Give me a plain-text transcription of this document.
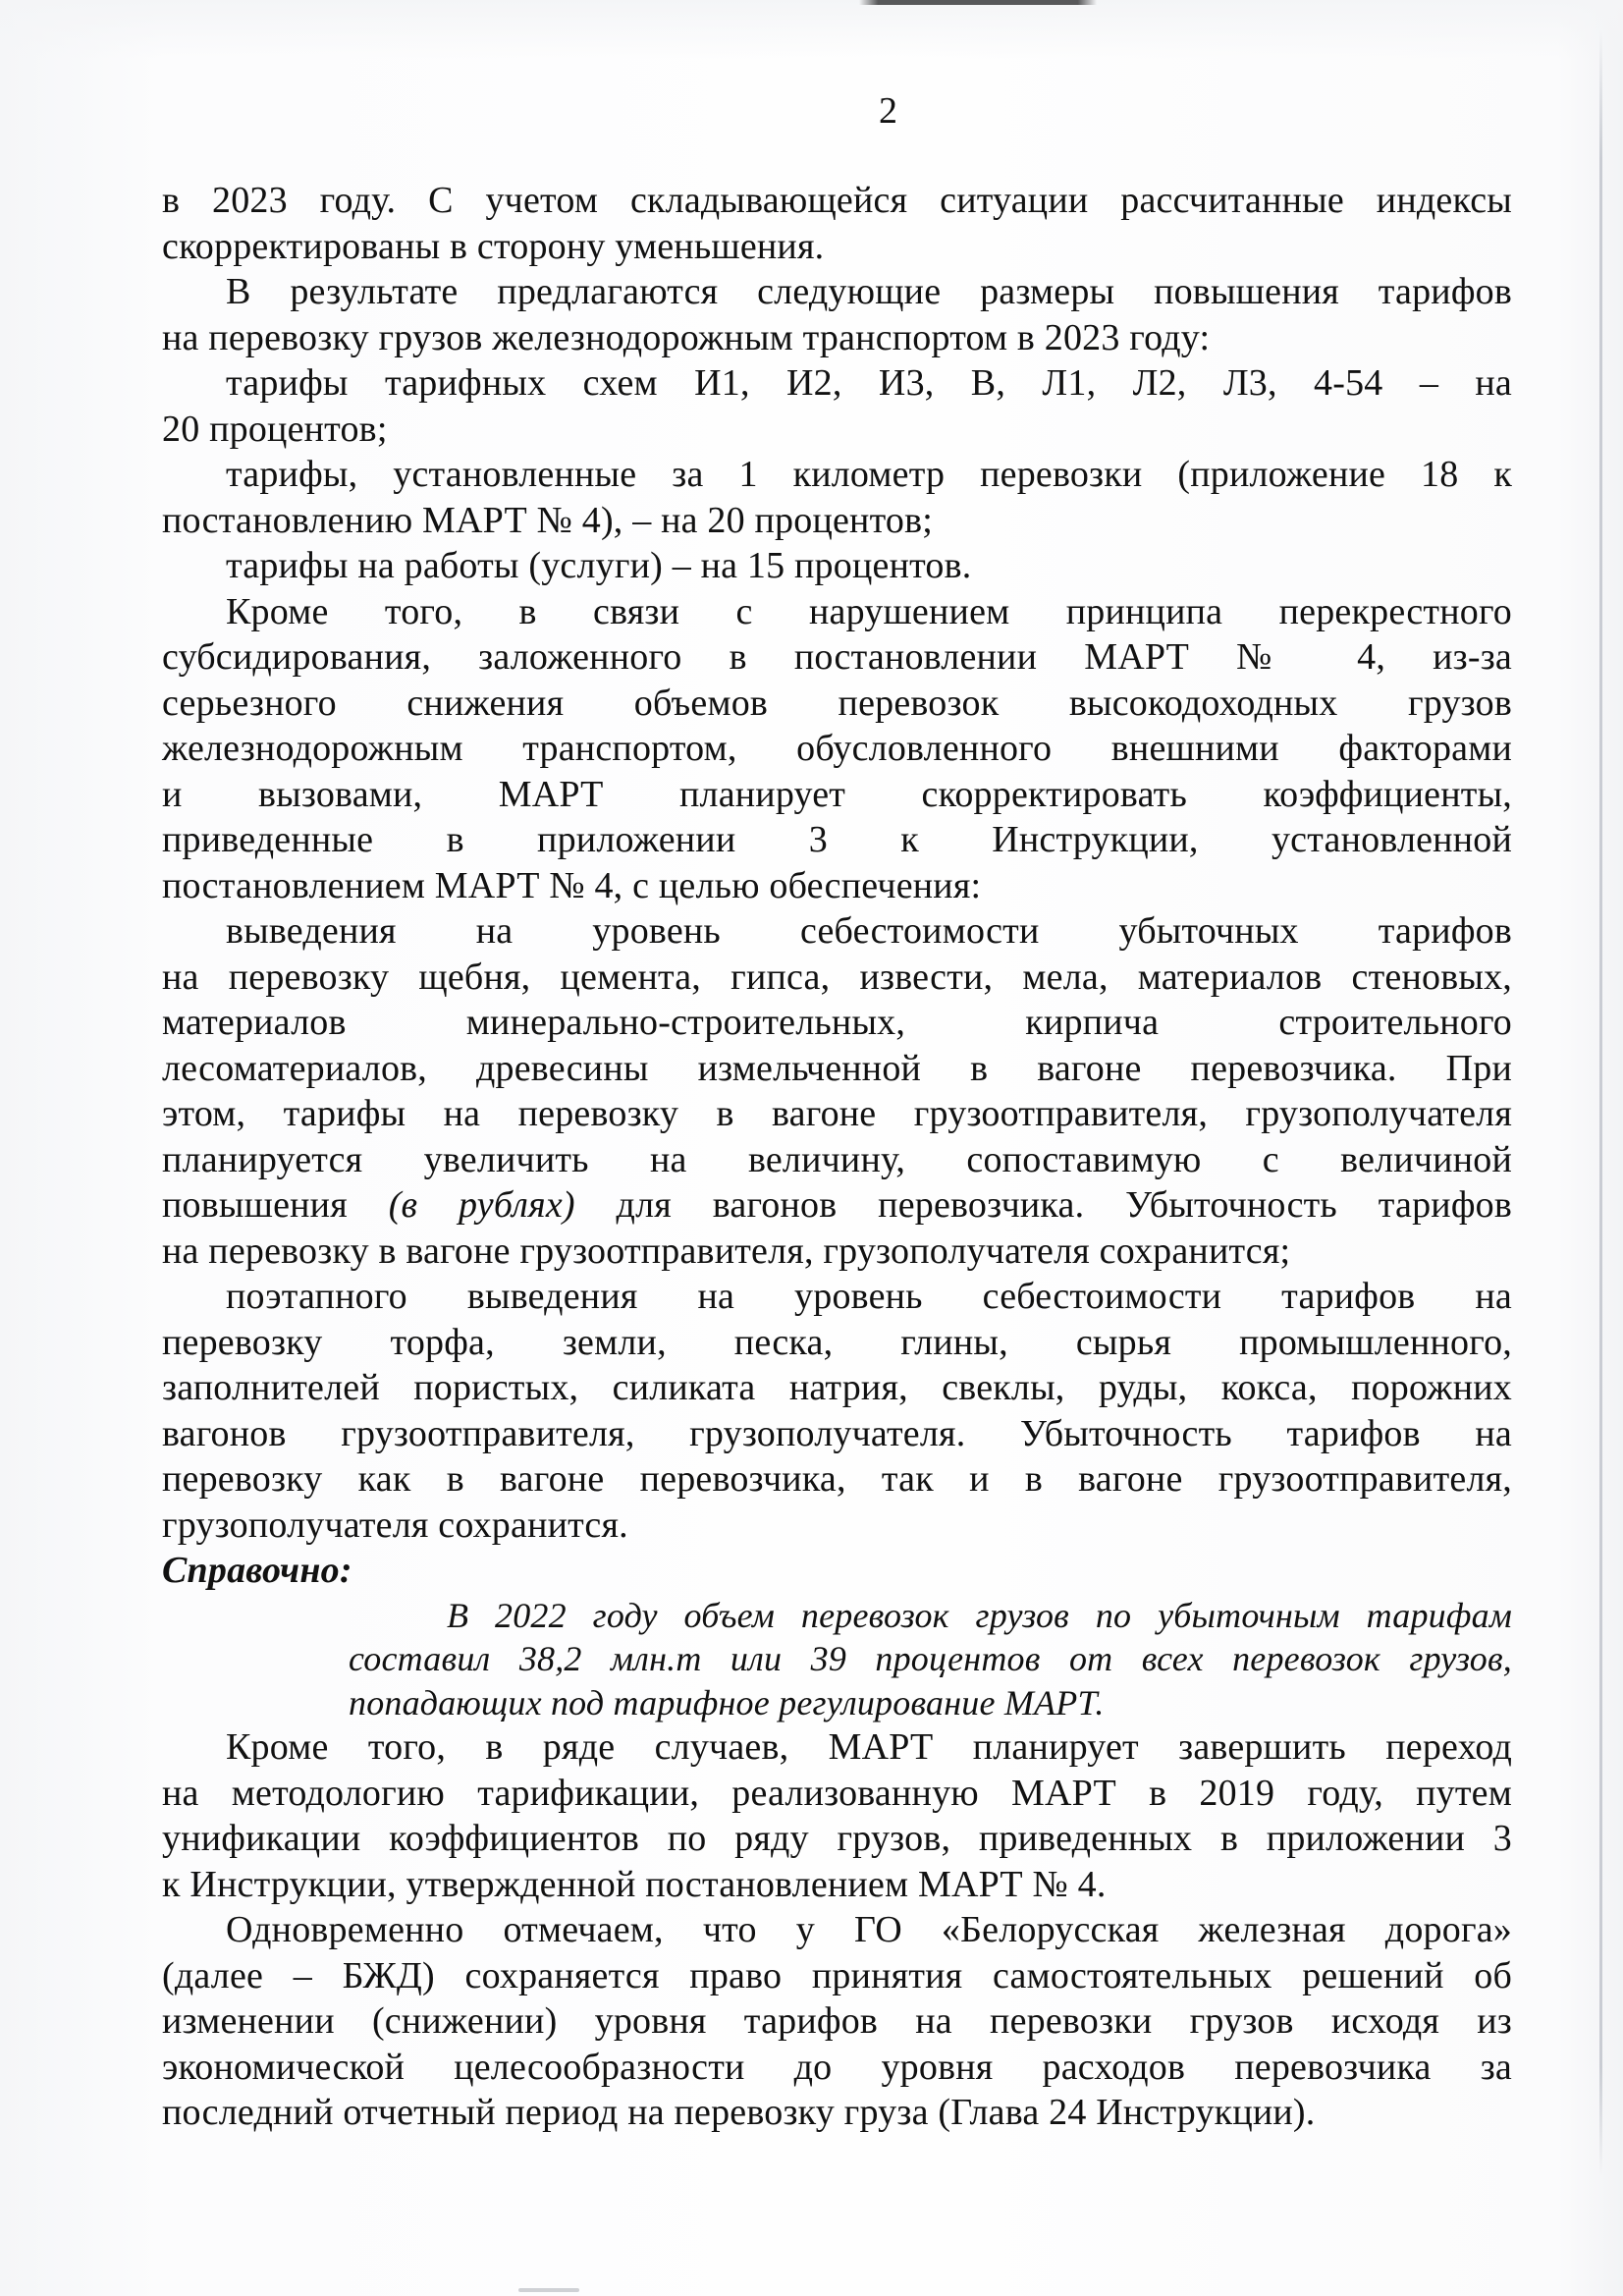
2
в 2023 году. С учетом складывающейся ситуации рассчитанные индексы
скорректированы в сторону уменьшения.
В результате предлагаются следующие размеры повышения тарифов
на перевозку грузов железнодорожным транспортом в 2023 году:
тарифы тарифных схем И1, И2, И3, В, Л1, Л2, Л3, 4-54 – на
20 процентов;
тарифы, установленные за 1 километр перевозки (приложение 18 к
постановлению МАРТ № 4), – на 20 процентов;
тарифы на работы (услуги) – на 15 процентов.
Кроме того, в связи с нарушением принципа перекрестного
субсидирования, заложенного в постановлении МАРТ № 4, из-за
серьезного снижения объемов перевозок высокодоходных грузов
железнодорожным транспортом, обусловленного внешними факторами
и вызовами, МАРТ планирует скорректировать коэффициенты,
приведенные в приложении 3 к Инструкции, установленной
постановлением МАРТ № 4, с целью обеспечения:
выведения на уровень себестоимости убыточных тарифов
на перевозку щебня, цемента, гипса, извести, мела, материалов стеновых,
материалов минерально-строительных, кирпича строительного
лесоматериалов, древесины измельченной в вагоне перевозчика. При
этом, тарифы на перевозку в вагоне грузоотправителя, грузополучателя
планируется увеличить на величину, сопоставимую с величиной
повышения (в рублях) для вагонов перевозчика. Убыточность тарифов
на перевозку в вагоне грузоотправителя, грузополучателя сохранится;
поэтапного выведения на уровень себестоимости тарифов на
перевозку торфа, земли, песка, глины, сырья промышленного,
заполнителей пористых, силиката натрия, свеклы, руды, кокса, порожних
вагонов грузоотправителя, грузополучателя. Убыточность тарифов на
перевозку как в вагоне перевозчика, так и в вагоне грузоотправителя,
грузополучателя сохранится.
Справочно:
В 2022 году объем перевозок грузов по убыточным тарифам
составил 38,2 млн.т или 39 процентов от всех перевозок грузов,
попадающих под тарифное регулирование МАРТ.
Кроме того, в ряде случаев, МАРТ планирует завершить переход
на методологию тарификации, реализованную МАРТ в 2019 году, путем
унификации коэффициентов по ряду грузов, приведенных в приложении 3
к Инструкции, утвержденной постановлением МАРТ № 4.
Одновременно отмечаем, что у ГО «Белорусская железная дорога»
(далее – БЖД) сохраняется право принятия самостоятельных решений об
изменении (снижении) уровня тарифов на перевозки грузов исходя из
экономической целесообразности до уровня расходов перевозчика за
последний отчетный период на перевозку груза (Глава 24 Инструкции).
